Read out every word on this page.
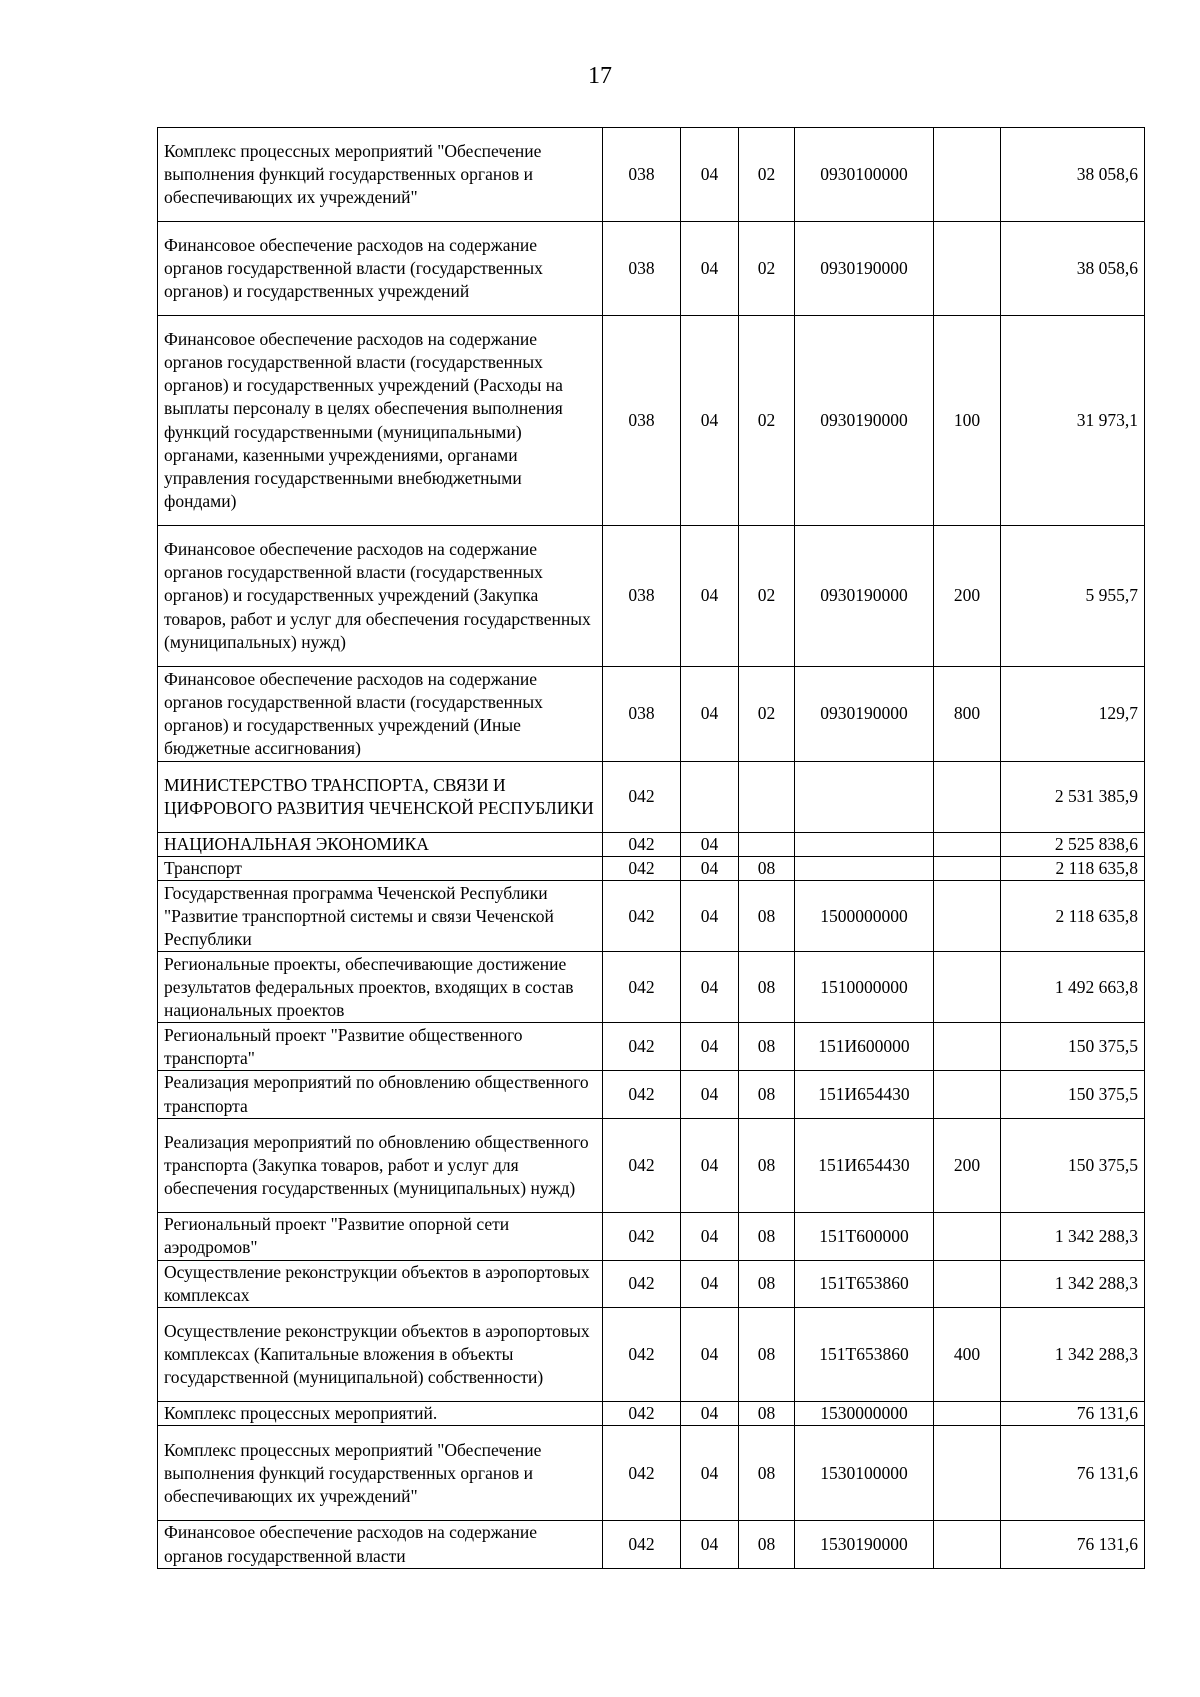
17
Комплекс процессных мероприятий "Обеспечение выполнения функций государственных органов и обеспечивающих их учреждений"	038	04	02	0930100000		38 058,6
Финансовое обеспечение расходов на содержание органов государственной власти (государственных органов) и государственных учреждений	038	04	02	0930190000		38 058,6
Финансовое обеспечение расходов на содержание органов государственной власти (государственных органов) и государственных учреждений (Расходы на выплаты персоналу в целях обеспечения выполнения функций государственными (муниципальными) органами, казенными учреждениями, органами управления государственными внебюджетными фондами)	038	04	02	0930190000	100	31 973,1
Финансовое обеспечение расходов на содержание органов государственной власти (государственных органов) и государственных учреждений (Закупка товаров, работ и услуг для обеспечения государственных (муниципальных) нужд)	038	04	02	0930190000	200	5 955,7
Финансовое обеспечение расходов на содержание органов государственной власти (государственных органов) и государственных учреждений (Иные бюджетные ассигнования)	038	04	02	0930190000	800	129,7
МИНИСТЕРСТВО ТРАНСПОРТА, СВЯЗИ И ЦИФРОВОГО РАЗВИТИЯ ЧЕЧЕНСКОЙ РЕСПУБЛИКИ	042					2 531 385,9
НАЦИОНАЛЬНАЯ ЭКОНОМИКА	042	04				2 525 838,6
Транспорт	042	04	08			2 118 635,8
Государственная программа Чеченской Республики "Развитие транспортной системы и связи Чеченской Республики	042	04	08	1500000000		2 118 635,8
Региональные проекты, обеспечивающие достижение результатов федеральных проектов, входящих в состав национальных проектов	042	04	08	1510000000		1 492 663,8
Региональный проект "Развитие общественного транспорта"	042	04	08	151И600000		150 375,5
Реализация мероприятий по обновлению общественного транспорта	042	04	08	151И654430		150 375,5
Реализация мероприятий по обновлению общественного транспорта (Закупка товаров, работ и услуг для обеспечения государственных (муниципальных) нужд)	042	04	08	151И654430	200	150 375,5
Региональный проект "Развитие опорной сети аэродромов"	042	04	08	151Т600000		1 342 288,3
Осуществление реконструкции объектов в аэропортовых комплексах	042	04	08	151Т653860		1 342 288,3
Осуществление реконструкции объектов в аэропортовых комплексах (Капитальные вложения в объекты государственной (муниципальной) собственности)	042	04	08	151Т653860	400	1 342 288,3
Комплекс процессных мероприятий.	042	04	08	1530000000		76 131,6
Комплекс процессных мероприятий "Обеспечение выполнения функций государственных органов и обеспечивающих их учреждений"	042	04	08	1530100000		76 131,6
Финансовое обеспечение расходов на содержание органов государственной власти	042	04	08	1530190000		76 131,6
